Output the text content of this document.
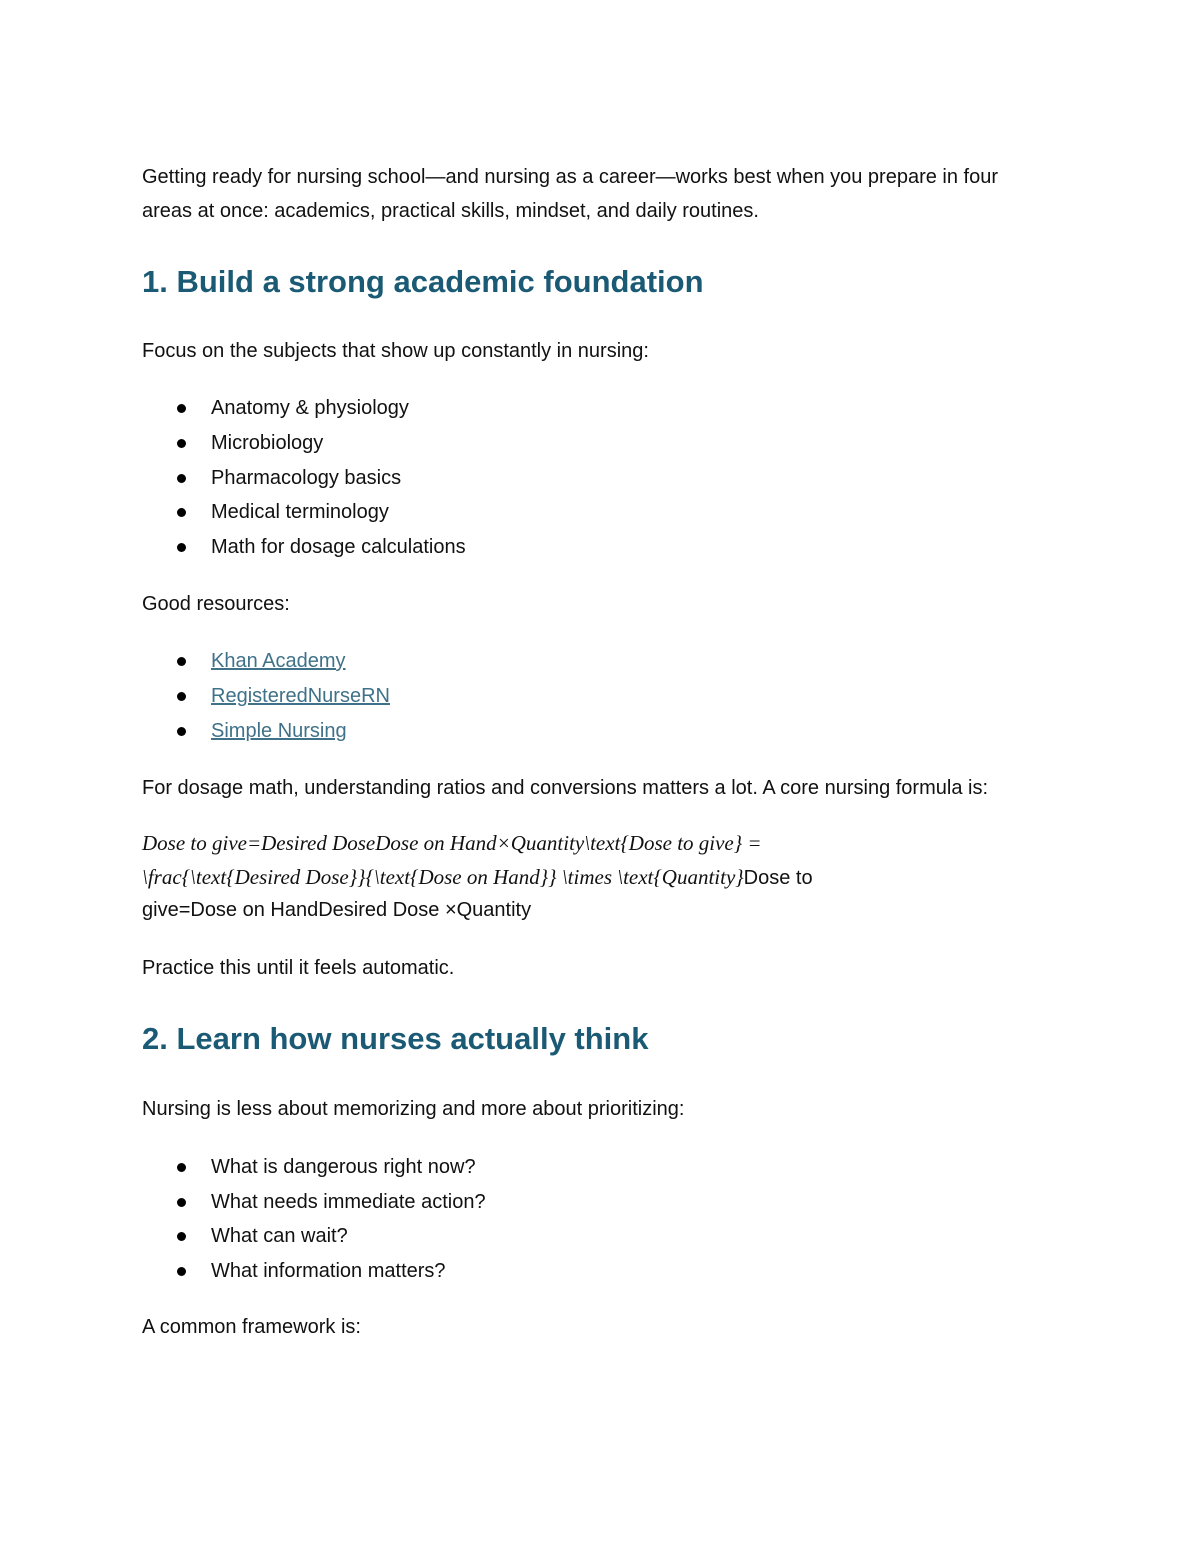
Getting ready for nursing school—and nursing as a career—works best when you prepare in four areas at once: academics, practical skills, mindset, and daily routines.

1. Build a strong academic foundation

Focus on the subjects that show up constantly in nursing:

Anatomy & physiology
Microbiology
Pharmacology basics
Medical terminology
Math for dosage calculations

Good resources:

Khan Academy
RegisteredNurseRN
Simple Nursing

For dosage math, understanding ratios and conversions matters a lot. A core nursing formula is:

Dose to give=Desired DoseDose on Hand×Quantity\text{Dose to give} =

\frac{\text{Desired Dose}}{\text{Dose on Hand}} \times \text{Quantity}Dose to

give=Dose on HandDesired Dose ×Quantity

Practice this until it feels automatic.

2. Learn how nurses actually think

Nursing is less about memorizing and more about prioritizing:

What is dangerous right now?
What needs immediate action?
What can wait?
What information matters?

A common framework is:
